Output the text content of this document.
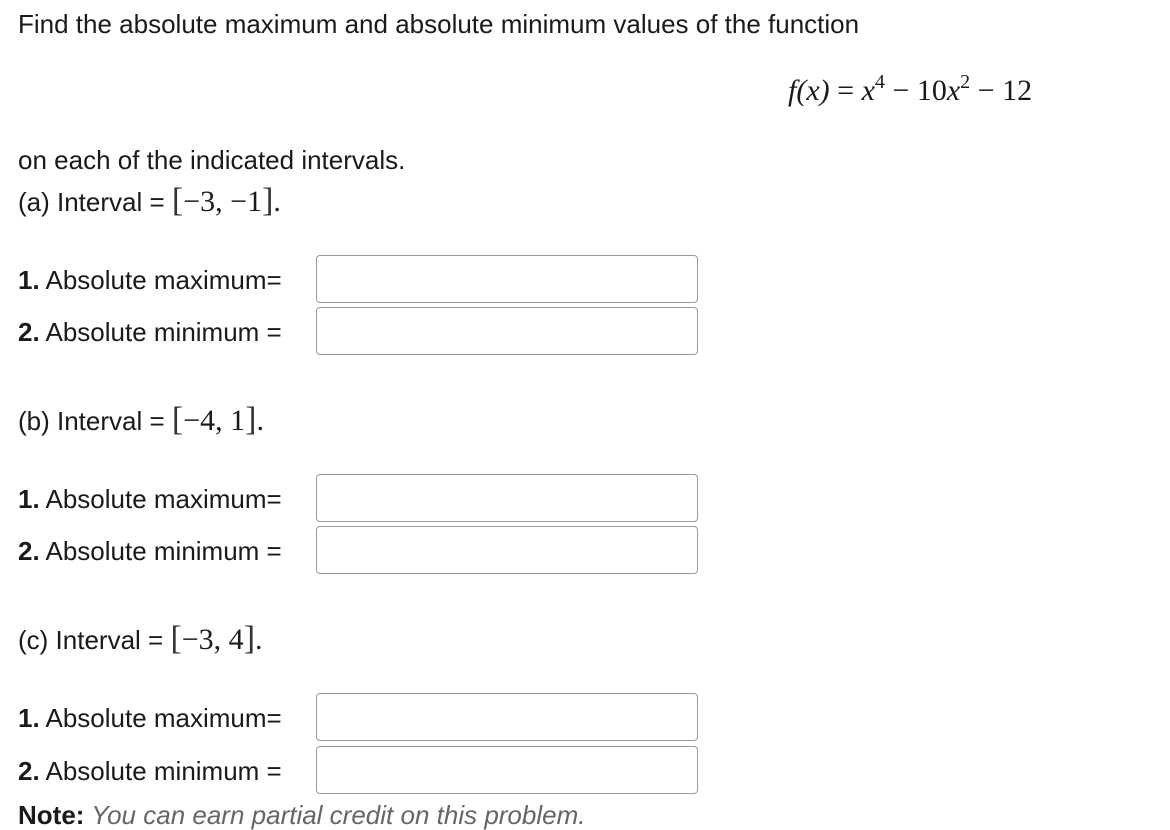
Find the absolute maximum and absolute minimum values of the function
$f(x) = x^4 - 10x^2 - 12$
on each of the indicated intervals.
(a) Interval = [−3, −1].
1. Absolute maximum=
2. Absolute minimum =
(b) Interval = [−4, 1].
1. Absolute maximum=
2. Absolute minimum =
(c) Interval = [−3, 4].
1. Absolute maximum=
2. Absolute minimum =
Note: You can earn partial credit on this problem.
